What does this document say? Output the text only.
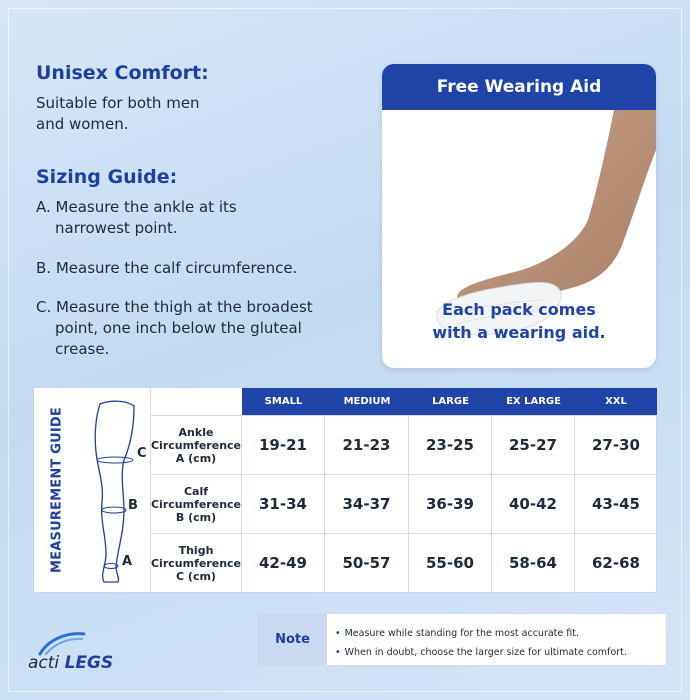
Unisex Comfort:
Suitable for both men
and women.
Sizing Guide:
A. Measure the ankle at its
narrowest point.
B. Measure the calf circumference.
C. Measure the thigh at the broadest
point, one inch below the gluteal
crease.
Free Wearing Aid
Each pack comes
with a wearing aid.
MEASUREMENT GUIDE	C
B
A
SMALL	MEDIUM	LARGE	EX LARGE	XXL
Ankle
Circumference
A (cm)
19-21	21-23	23-25	25-27	27-30
Calf
Circumference
B (cm)
31-34	34-37	36-39	40-42	43-45
Thigh
Circumference
C (cm)
42-49	50-57	55-60	58-64	62-68
Note
•	Measure while standing for the most accurate fit.
• When in doubt, choose the larger size for ultimate comfort.
acti LEGS
